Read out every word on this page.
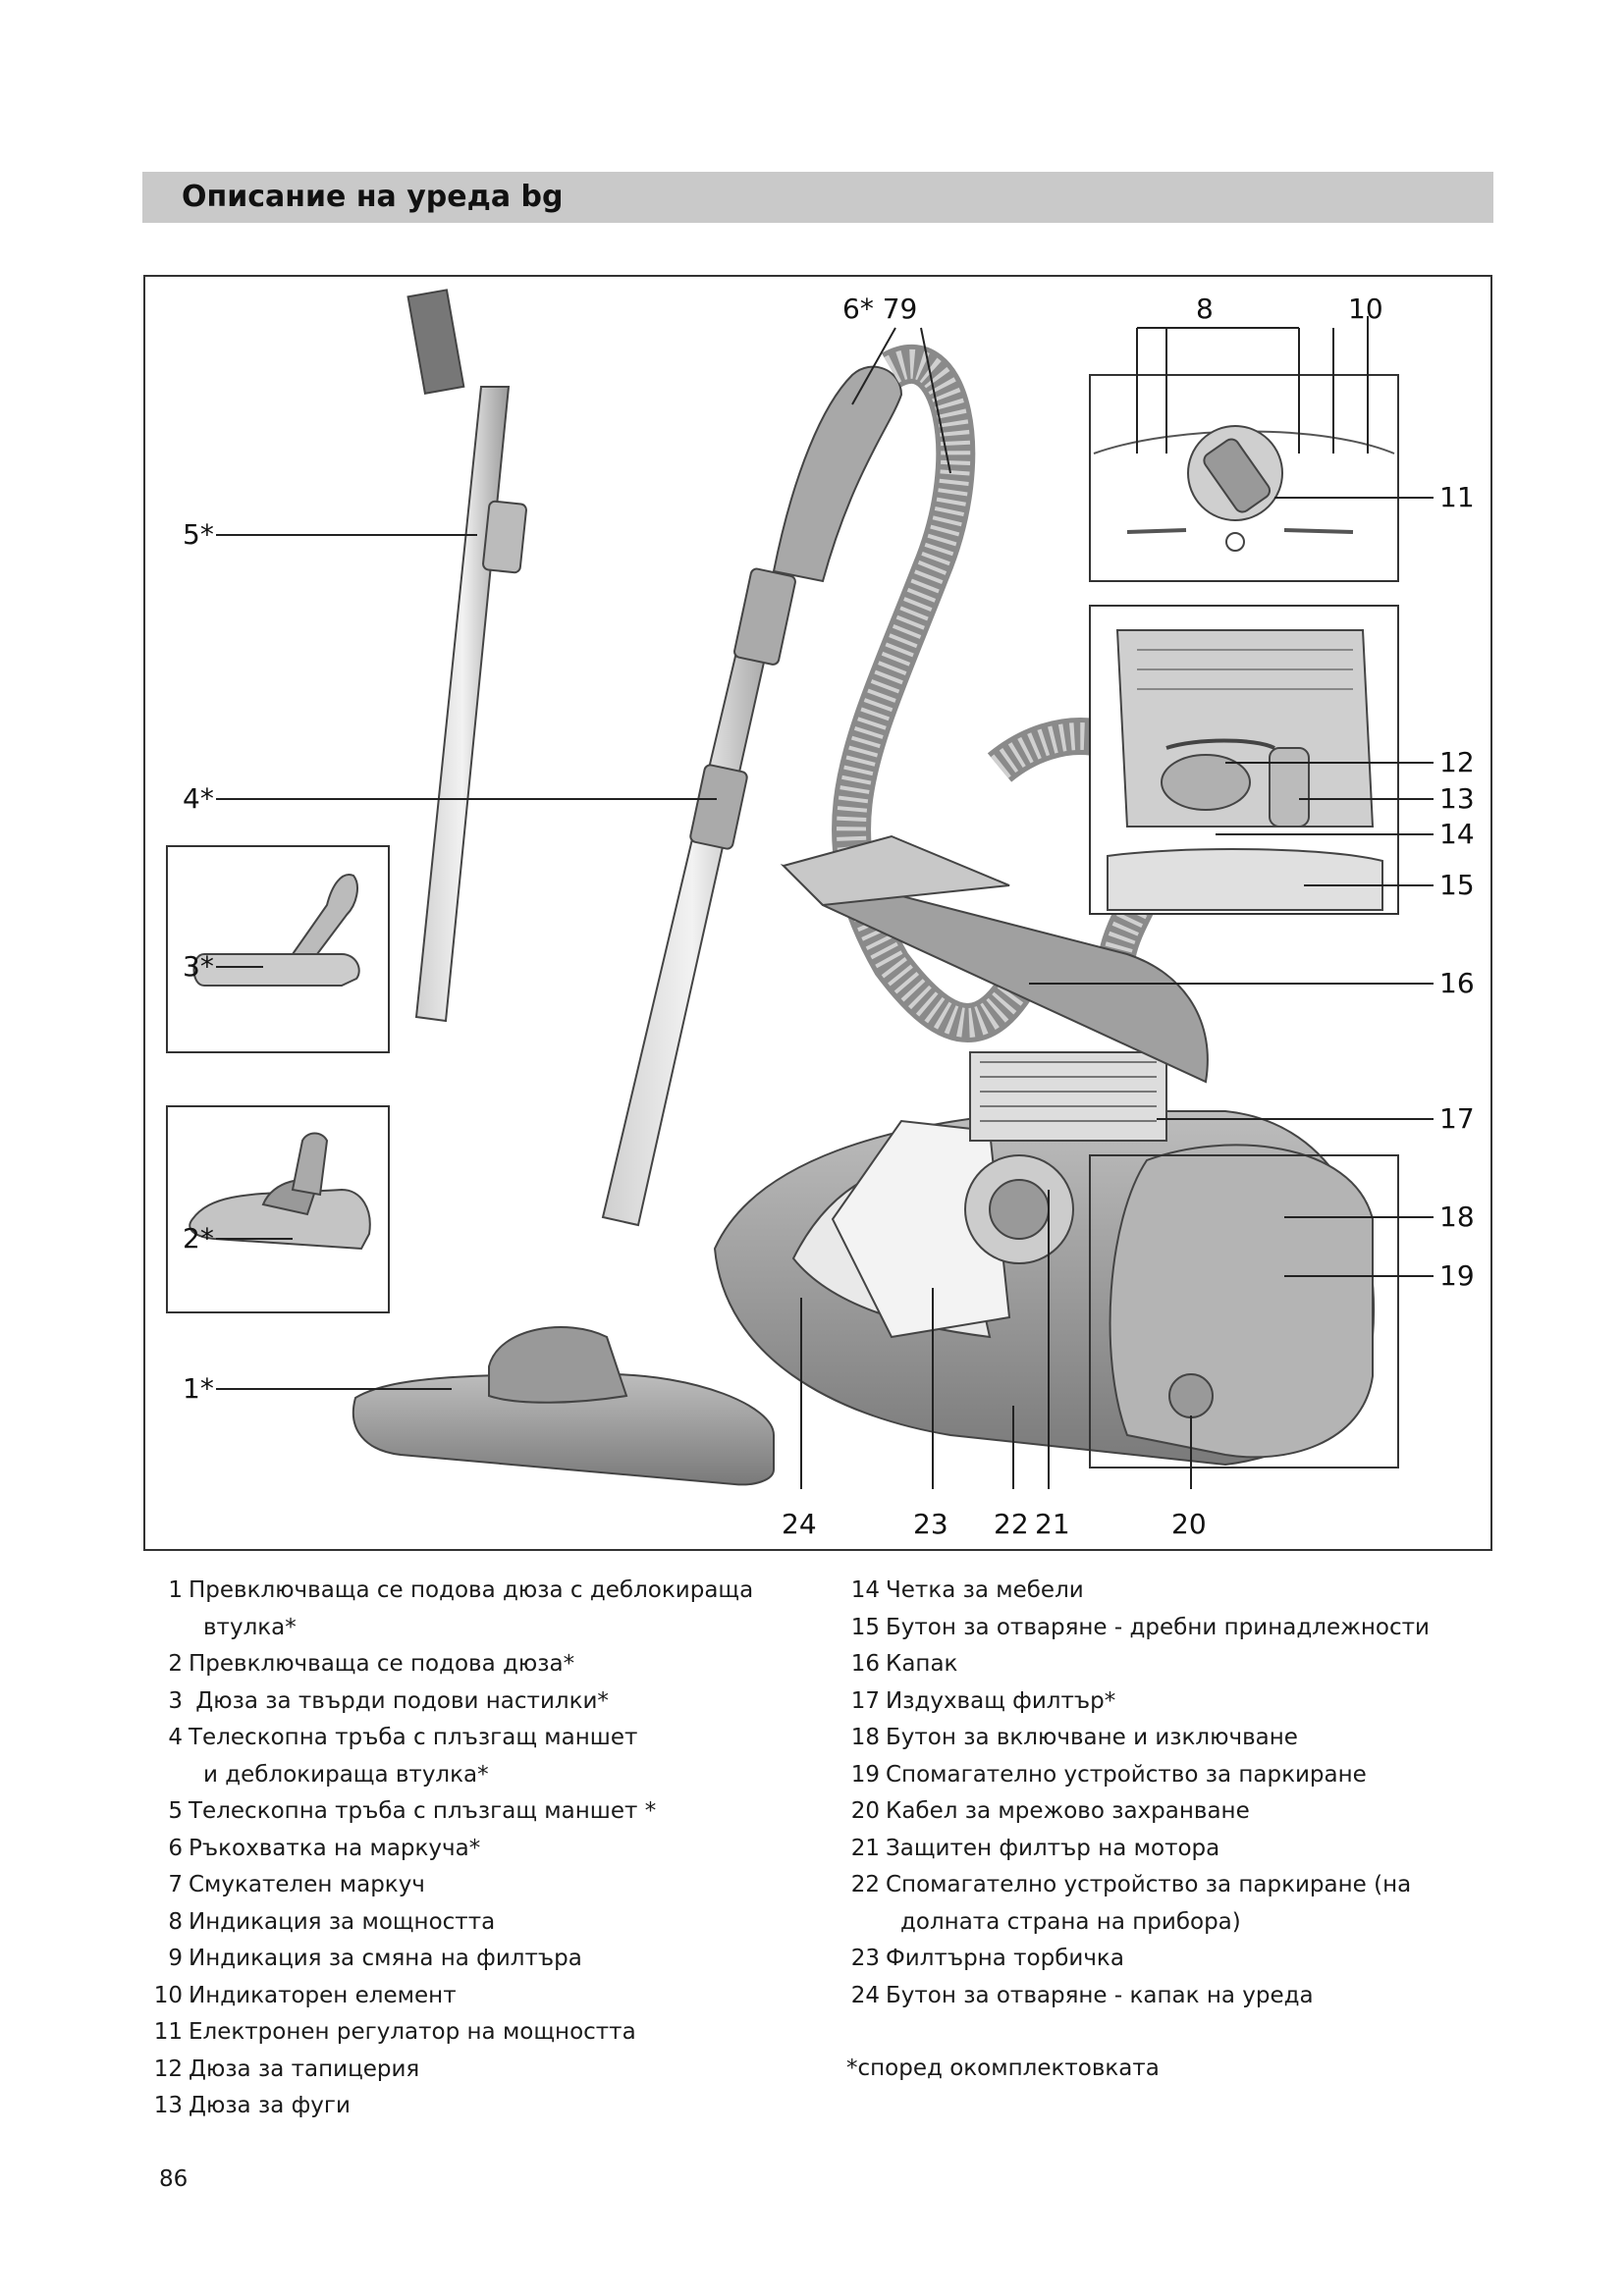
Описание на уреда bg
5*
4*
3*
2*
1*
6* 79	8	10
11
12
13
14
15
16
17
18
19
24	23 22 21	20
1 Превключваща се подова дюза с деблокираща
втулка*
2 Превключваща се подова дюза*
3 Дюза за твърди подови настилки*
4 Телескопна тръба с плъзгащ маншет
и деблокираща втулка*
5 Телескопна тръба с плъзгащ маншет *
6 Ръкохватка на маркуча*
7 Смукателен маркуч
8 Индикация за мощността
9 Индикация за смяна на филтъра
10 Индикаторен елемент
11 Електронен регулатор на мощността
12 Дюза за тапицерия
13 Дюза за фуги
14 Четка за мебели
15 Бутон за отваряне - дребни принадлежности
16 Капак
17 Издухващ филтър*
18 Бутон за включване и изключване
19 Спомагателно устройство за паркиране
20 Кабел за мрежово захранване
21 Защитен филтър на мотора
22 Спомагателно устройство за паркиране (на
долната страна на прибора)
23 Филтърна торбичка
24 Бутон за отваряне - капак на уреда
*според окомплектовката
86
